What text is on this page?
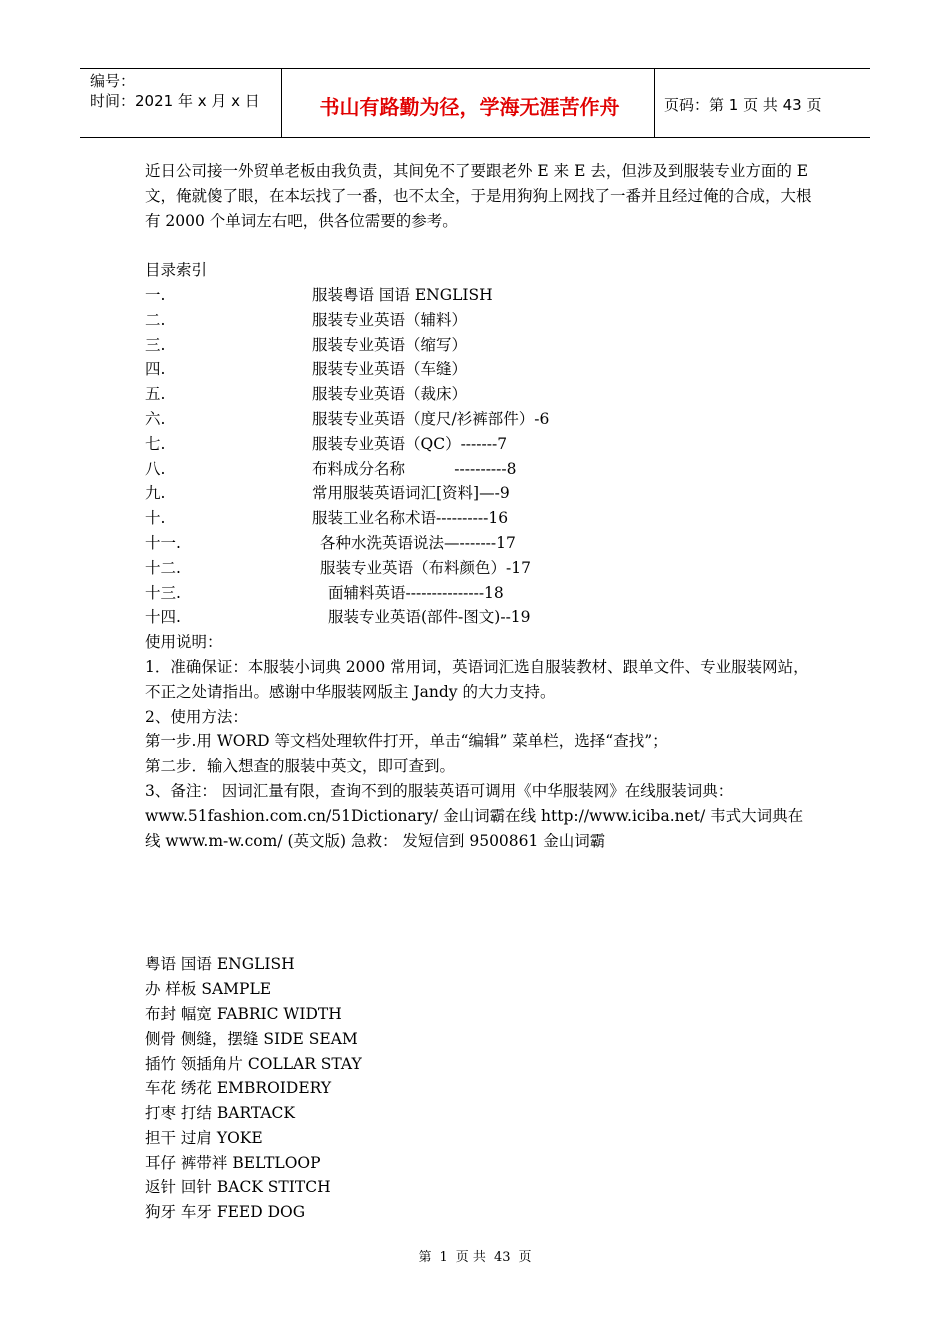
编号：
时间：2021 年 x 月 x 日	书山有路勤为径，学海无涯苦作舟	页码：第 1 页 共 43 页

近日公司接一外贸单老板由我负责，其间免不了要跟老外 E 来 E 去，但涉及到服装专业方面的 E 文，俺就傻了眼，在本坛找了一番，也不太全，于是用狗狗上网找了一番并且经过俺的合成，大根有 2000 个单词左右吧，供各位需要的参考。

目录索引
一.	服装粤语 国语 ENGLISH
二.	服装专业英语（辅料）
三.	服装专业英语（缩写）
四.	服装专业英语（车缝）
五.	服装专业英语（裁床）
六.	服装专业英语（度尺/衫裤部件）-6
七.	服装专业英语（QC）-------7
八.	布料成分名称          ----------8
九.	常用服装英语词汇[资料]—-9
十.	服装工业名称术语----------16
十一.	各种水洗英语说法—-------17
十二.	服装专业英语（布料颜色）-17
十三.	面辅料英语---------------18
十四.	服装专业英语(部件-图文)--19
使用说明：

1．准确保证：本服装小词典 2000 常用词，英语词汇选自服装教材、跟单文件、专业服装网站，不正之处请指出。感谢中华服装网版主 Jandy 的大力支持。

2、使用方法：
第一步.用 WORD 等文档处理软件打开，单击“编辑” 菜单栏，选择“查找”；
第二步．输入想查的服装中英文，即可查到。

3、备注： 因词汇量有限，查询不到的服装英语可调用《中华服装网》在线服装词典：www.51fashion.com.cn/51Dictionary/ 金山词霸在线 http://www.iciba.net/ 韦式大词典在线 www.m-w.com/ (英文版) 急救： 发短信到 9500861 金山词霸

粤语 国语 ENGLISH
办 样板 SAMPLE
布封 幅宽 FABRIC WIDTH
侧骨 侧缝，摆缝 SIDE SEAM
插竹 领插角片 COLLAR STAY
车花 绣花 EMBROIDERY
打枣 打结 BARTACK
担干 过肩 YOKE
耳仔 裤带袢 BELTLOOP
返针 回针 BACK STITCH
狗牙 车牙 FEED DOG
第 1 页 共 43 页
